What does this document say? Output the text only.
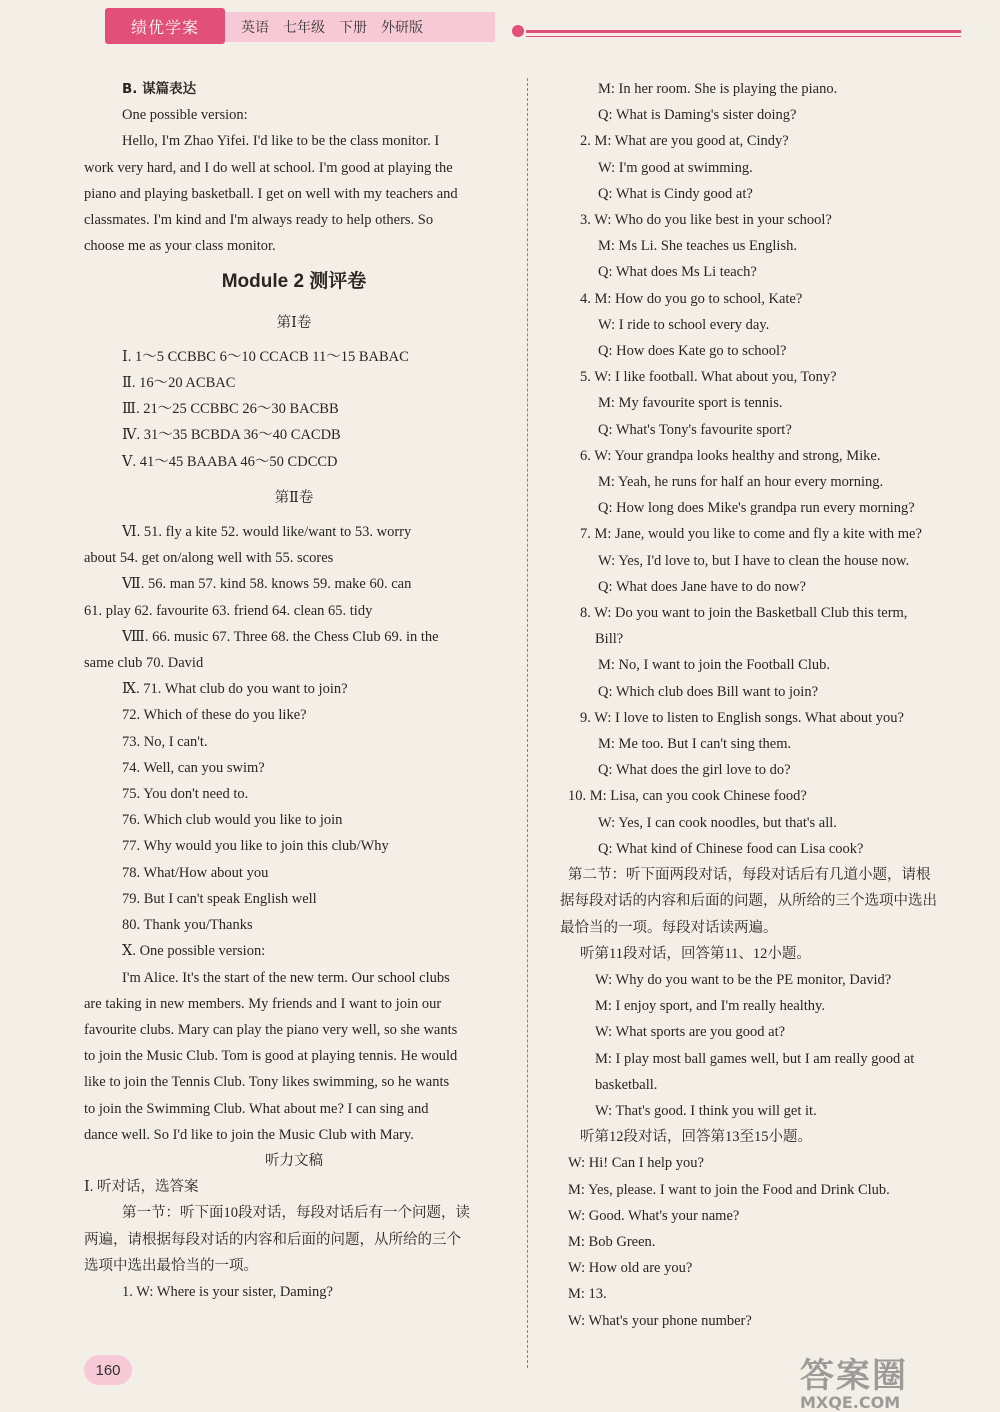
绩优学案	英语 七年级 下册 外研版
B. 谋篇表达
One possible version:
Hello, I'm Zhao Yifei. I'd like to be the class monitor. I
work very hard, and I do well at school. I'm good at playing the
piano and playing basketball. I get on well with my teachers and
classmates. I'm kind and I'm always ready to help others. So
choose me as your class monitor.
Module 2 测评卷
第Ⅰ卷
Ⅰ. 1～5 CCBBC 6～10 CCACB 11～15 BABAC
Ⅱ. 16～20 ACBAC
Ⅲ. 21～25 CCBBC 26～30 BACBB
Ⅳ. 31～35 BCBDA 36～40 CACDB
Ⅴ. 41～45 BAABA 46～50 CDCCD
第Ⅱ卷
Ⅵ. 51. fly a kite 52. would like/want to 53. worry
about 54. get on/along well with 55. scores
Ⅶ. 56. man 57. kind 58. knows 59. make 60. can
61. play 62. favourite 63. friend 64. clean 65. tidy
Ⅷ. 66. music 67. Three 68. the Chess Club 69. in the
same club 70. David
Ⅸ. 71. What club do you want to join?
72. Which of these do you like?
73. No, I can't.
74. Well, can you swim?
75. You don't need to.
76. Which club would you like to join
77. Why would you like to join this club/Why
78. What/How about you
79. But I can't speak English well
80. Thank you/Thanks
Ⅹ. One possible version:
I'm Alice. It's the start of the new term. Our school clubs
are taking in new members. My friends and I want to join our
favourite clubs. Mary can play the piano very well, so she wants
to join the Music Club. Tom is good at playing tennis. He would
like to join the Tennis Club. Tony likes swimming, so he wants
to join the Swimming Club. What about me? I can sing and
dance well. So I'd like to join the Music Club with Mary.
听力文稿
Ⅰ. 听对话，选答案
第一节：听下面10段对话，每段对话后有一个问题，读
两遍，请根据每段对话的内容和后面的问题，从所给的三个
选项中选出最恰当的一项。
1. W: Where is your sister, Daming?
M: In her room. She is playing the piano.
Q: What is Daming's sister doing?
2. M: What are you good at, Cindy?
W: I'm good at swimming.
Q: What is Cindy good at?
3. W: Who do you like best in your school?
M: Ms Li. She teaches us English.
Q: What does Ms Li teach?
4. M: How do you go to school, Kate?
W: I ride to school every day.
Q: How does Kate go to school?
5. W: I like football. What about you, Tony?
M: My favourite sport is tennis.
Q: What's Tony's favourite sport?
6. W: Your grandpa looks healthy and strong, Mike.
M: Yeah, he runs for half an hour every morning.
Q: How long does Mike's grandpa run every morning?
7. M: Jane, would you like to come and fly a kite with me?
W: Yes, I'd love to, but I have to clean the house now.
Q: What does Jane have to do now?
8. W: Do you want to join the Basketball Club this term,
Bill?
M: No, I want to join the Football Club.
Q: Which club does Bill want to join?
9. W: I love to listen to English songs. What about you?
M: Me too. But I can't sing them.
Q: What does the girl love to do?
10. M: Lisa, can you cook Chinese food?
W: Yes, I can cook noodles, but that's all.
Q: What kind of Chinese food can Lisa cook?
第二节：听下面两段对话，每段对话后有几道小题，请根
据每段对话的内容和后面的问题，从所给的三个选项中选出
最恰当的一项。每段对话读两遍。
听第11段对话，回答第11、12小题。
W: Why do you want to be the PE monitor, David?
M: I enjoy sport, and I'm really healthy.
W: What sports are you good at?
M: I play most ball games well, but I am really good at
basketball.
W: That's good. I think you will get it.
听第12段对话，回答第13至15小题。
W: Hi! Can I help you?
M: Yes, please. I want to join the Food and Drink Club.
W: Good. What's your name?
M: Bob Green.
W: How old are you?
M: 13.
W: What's your phone number?
160	答案圈
MXQE.COM
